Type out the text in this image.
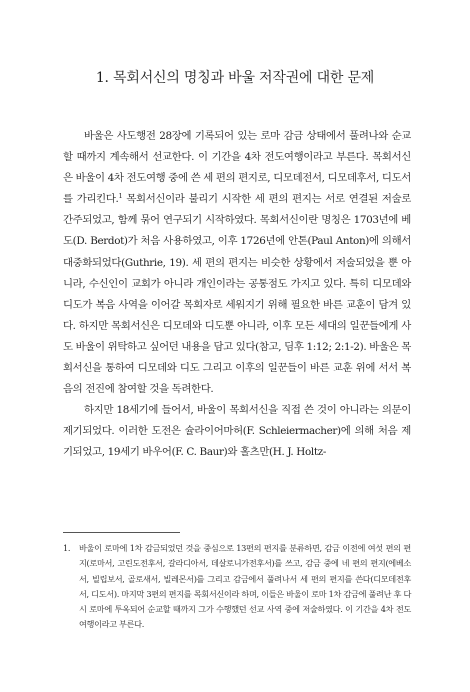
1. 목회서신의 명칭과 바울 저작권에 대한 문제

바울은 사도행전 28장에 기록되어 있는 로마 감금 상태에서 풀려나와 순교할 때까지 계속해서 선교한다. 이 기간을 4차 전도여행이라고 부른다. 목회서신은 바울이 4차 전도여행 중에 쓴 세 편의 편지로, 디모데전서, 디모데후서, 디도서를 가리킨다.$^1$ 목회서신이라 불리기 시작한 세 편의 편지는 서로 연결된 저술로 간주되었고, 함께 묶어 연구되기 시작하였다. 목회서신이란 명칭은 1703년에 베도(D. Berdot)가 처음 사용하였고, 이후 1726년에 안톤(Paul Anton)에 의해서 대중화되었다(Guthrie, 19). 세 편의 편지는 비슷한 상황에서 저술되었을 뿐 아니라, 수신인이 교회가 아니라 개인이라는 공통점도 가지고 있다. 특히 디모데와 디도가 복음 사역을 이어갈 목회자로 세워지기 위해 필요한 바른 교훈이 담겨 있다. 하지만 목회서신은 디모데와 디도뿐 아니라, 이후 모든 세대의 일꾼들에게 사도 바울이 위탁하고 싶어던 내용을 담고 있다(참고, 딤후 1:12; 2:1-2). 바울은 목회서신을 통하여 디모데와 디도 그리고 이후의 일꾼들이 바른 교훈 위에 서서 복음의 전진에 참여할 것을 독려한다.

하지만 18세기에 들어서, 바울이 목회서신을 직접 쓴 것이 아니라는 의문이 제기되었다. 이러한 도전은 슐라이어마허(F. Schleiermacher)에 의해 처음 제기되었고, 19세기 바우어(F. C. Baur)와 홀츠만(H. J. Holtz-

1.	바울이 로마에 1차 감금되었던 것을 중심으로 13편의 편지를 분류하면, 감금 이전에 여섯 편의 편지(로마서, 고린도전후서, 갈라디아서, 데살로니가전후서)를 쓰고, 감금 중에 네 편의 편지(에베소서, 빌립보서, 골로새서, 빌레몬서)를 그리고 감금에서 풀려나서 세 편의 편지를 쓴다(디모데전후서, 디도서). 마지막 3편의 편지를 목회서신이라 하며, 이들은 바울이 로마 1차 감금에 풀려난 후 다시 로마에 투옥되어 순교할 때까지 그가 수행했던 선교 사역 중에 저술하였다. 이 기간을 4차 전도여행이라고 부른다.
